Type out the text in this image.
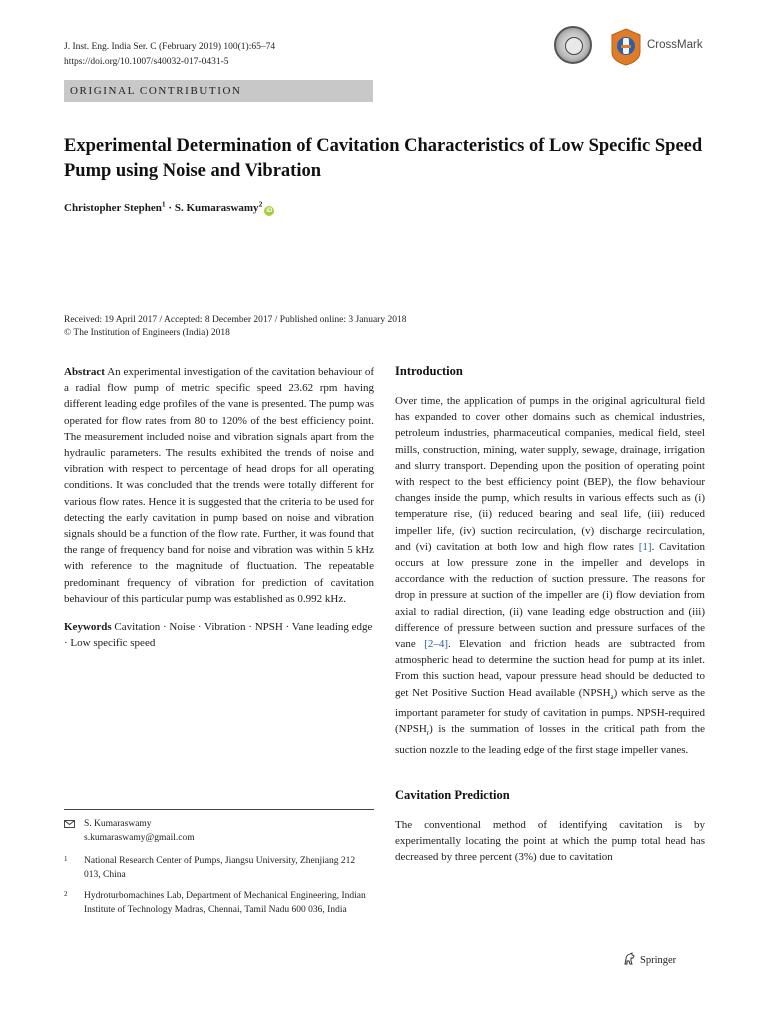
J. Inst. Eng. India Ser. C (February 2019) 100(1):65–74
https://doi.org/10.1007/s40032-017-0431-5
CrossMark
ORIGINAL CONTRIBUTION
Experimental Determination of Cavitation Characteristics of Low Specific Speed Pump using Noise and Vibration
Christopher Stephen$^1$ · S. Kumaraswamy$^2$iD
Received: 19 April 2017 / Accepted: 8 December 2017 / Published online: 3 January 2018
© The Institution of Engineers (India) 2018
Abstract An experimental investigation of the cavitation behaviour of a radial flow pump of metric specific speed 23.62 rpm having different leading edge profiles of the vane is presented. The pump was operated for flow rates from 80 to 120% of the best efficiency point. The measurement included noise and vibration signals apart from the hydraulic parameters. The results exhibited the trends of noise and vibration with respect to percentage of head drops for all operating conditions. It was concluded that the trends were totally different for various flow rates. Hence it is suggested that the criteria to be used for detecting the early cavitation in pump based on noise and vibration signals should be a function of the flow rate. Further, it was found that the range of frequency band for noise and vibration was within 5 kHz with reference to the magnitude of fluctuation. The repeatable predominant frequency of vibration for prediction of cavitation behaviour of this particular pump was established as 0.992 kHz.
Keywords Cavitation · Noise · Vibration · NPSH · Vane leading edge · Low specific speed
S. Kumaraswamy
s.kumaraswamy@gmail.com
1 National Research Center of Pumps, Jiangsu University, Zhenjiang 212 013, China
2 Hydroturbomachines Lab, Department of Mechanical Engineering, Indian Institute of Technology Madras, Chennai, Tamil Nadu 600 036, India
Introduction
Over time, the application of pumps in the original agricultural field has expanded to cover other domains such as chemical industries, petroleum industries, pharmaceutical companies, medical field, steel mills, construction, mining, water supply, sewage, drainage, irrigation and slurry transport. Depending upon the position of operating point with respect to the best efficiency point (BEP), the flow behaviour changes inside the pump, which results in various effects such as (i) temperature rise, (ii) reduced bearing and seal life, (iii) reduced impeller life, (iv) suction recirculation, (v) discharge recirculation, and (vi) cavitation at both low and high flow rates [1]. Cavitation occurs at low pressure zone in the impeller and develops in accordance with the reduction of suction pressure. The reasons for drop in pressure at suction of the impeller are (i) flow deviation from axial to radial direction, (ii) vane leading edge obstruction and (iii) difference of pressure between suction and pressure surfaces of the vane [2–4]. Elevation and friction heads are subtracted from atmospheric head to determine the suction head for pump at its inlet. From this suction head, vapour pressure head should be deducted to get Net Positive Suction Head available $(NPSH_a)$ which serve as the important parameter for study of cavitation in pumps. NPSH-required $(NPSH_r)$ is the summation of losses in the critical path from the suction nozzle to the leading edge of the first stage impeller vanes.
Cavitation Prediction
The conventional method of identifying cavitation is by experimentally locating the point at which the pump total head has decreased by three percent (3%) due to cavitation
Springer
